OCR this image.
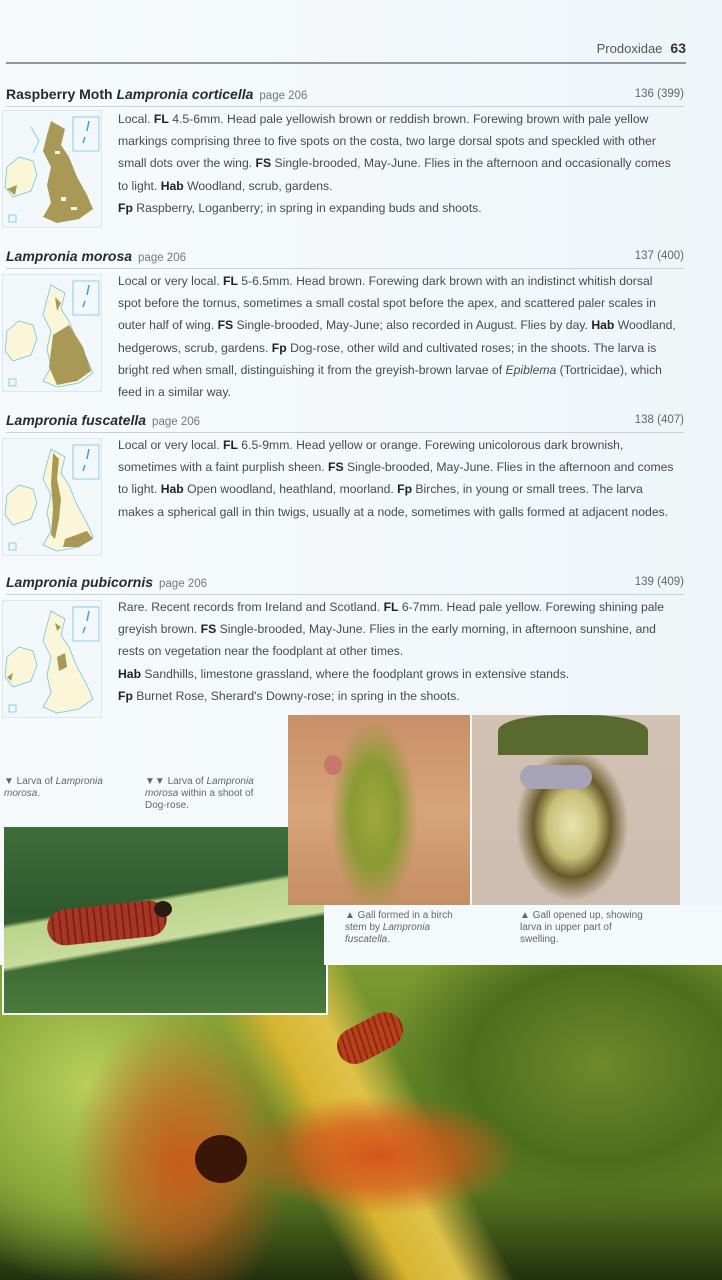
Prodoxidae 63
Raspberry Moth Lampronia corticella page 206	136 (399)
Local. FL 4.5-6mm. Head pale yellowish brown or reddish brown. Forewing brown with pale yellow markings comprising three to five spots on the costa, two large dorsal spots and speckled with other small dots over the wing. FS Single-brooded, May-June. Flies in the afternoon and occasionally comes to light. Hab Woodland, scrub, gardens.
Fp Raspberry, Loganberry; in spring in expanding buds and shoots.
Lampronia morosa page 206	137 (400)
Local or very local. FL 5-6.5mm. Head brown. Forewing dark brown with an indistinct whitish dorsal spot before the tornus, sometimes a small costal spot before the apex, and scattered paler scales in outer half of wing. FS Single-brooded, May-June; also recorded in August. Flies by day. Hab Woodland, hedgerows, scrub, gardens. Fp Dog-rose, other wild and cultivated roses; in the shoots. The larva is bright red when small, distinguishing it from the greyish-brown larvae of Epiblema (Tortricidae), which feed in a similar way.
Lampronia fuscatella page 206	138 (407)
Local or very local. FL 6.5-9mm. Head yellow or orange. Forewing unicolorous dark brownish, sometimes with a faint purplish sheen. FS Single-brooded, May-June. Flies in the afternoon and comes to light. Hab Open woodland, heathland, moorland. Fp Birches, in young or small trees. The larva makes a spherical gall in thin twigs, usually at a node, sometimes with galls formed at adjacent nodes.
Lampronia pubicornis page 206	139 (409)
Rare. Recent records from Ireland and Scotland. FL 6-7mm. Head pale yellow. Forewing shining pale greyish brown. FS Single-brooded, May-June. Flies in the early morning, in afternoon sunshine, and rests on vegetation near the foodplant at other times.
Hab Sandhills, limestone grassland, where the foodplant grows in extensive stands.
Fp Burnet Rose, Sherard's Downy-rose; in spring in the shoots.
▼ Larva of Lampronia morosa.
▼▼ Larva of Lampronia morosa within a shoot of Dog-rose.
▲ Gall formed in a birch stem by Lampronia fuscatella.
▲ Gall opened up, showing larva in upper part of swelling.
